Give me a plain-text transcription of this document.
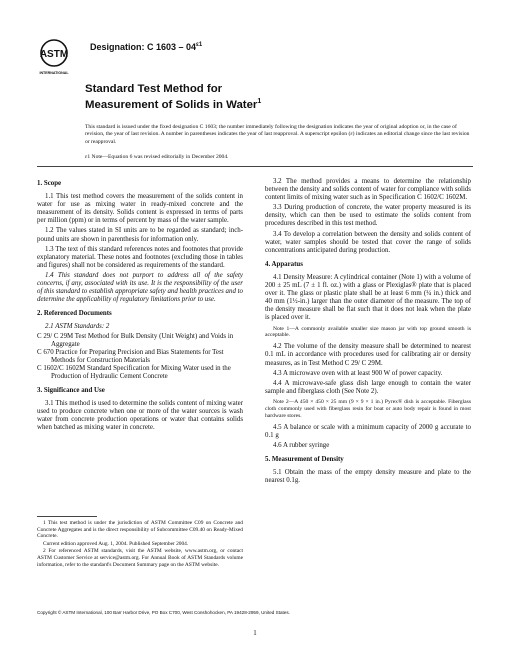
ASTM
INTERNATIONAL
Designation: C $1603 - 04^{\varepsilon 1}$
Standard Test Method for
Measurement of Solids in Water$^1$
This standard is issued under the fixed designation C 1603; the number immediately following the designation indicates the year of original adoption or, in the case of revision, the year of last revision. A number in parentheses indicates the year of last reapproval. A superscript epsilon (ε) indicates an editorial change since the last revision or reapproval.
ε1 Note—Equation 6 was revised editorially in December 2004.
1. Scope

1.1 This test method covers the measurement of the solids content in water for use as mixing water in ready-mixed concrete and the measurement of its density. Solids content is expressed in terms of parts per million (ppm) or in terms of percent by mass of the water sample.

1.2 The values stated in SI units are to be regarded as standard; inch-pound units are shown in parenthesis for information only.

1.3 The text of this standard references notes and footnotes that provide explanatory material. These notes and footnotes (excluding those in tables and figures) shall not be considered as requirements of the standard.

1.4 This standard does not purport to address all of the safety concerns, if any, associated with its use. It is the responsibility of the user of this standard to establish appropriate safety and health practices and to determine the applicability of regulatory limitations prior to use.

2. Referenced Documents

2.1 ASTM Standards: 2

C 29/ C 29M Test Method for Bulk Density (Unit Weight) and Voids in Aggregate

C 670 Practice for Preparing Precision and Bias Statements for Test Methods for Construction Materials

C 1602/C 1602M Standard Specification for Mixing Water used in the Production of Hydraulic Cement Concrete

3. Significance and Use

3.1 This method is used to determine the solids content of mixing water used to produce concrete when one or more of the water sources is wash water from concrete production operations or water that contains solids when batched as mixing water in concrete.

1 This test method is under the jurisdiction of ASTM Committee C09 on Concrete and Concrete Aggregates and is the direct responsibility of Subcommittee C09.40 on Ready-Mixed Concrete.

Current edition approved Aug. 1, 2004. Published September 2004.

2 For referenced ASTM standards, visit the ASTM website, www.astm.org, or contact ASTM Customer Service at service@astm.org. For Annual Book of ASTM Standards volume information, refer to the standard's Document Summary page on the ASTM website.

3.2 The method provides a means to determine the relationship between the density and solids content of water for compliance with solids content limits of mixing water such as in Specification C 1602/C 1602M.

3.3 During production of concrete, the water property measured is its density, which can then be used to estimate the solids content from procedures described in this test method.

3.4 To develop a correlation between the density and solids content of water, water samples should be tested that cover the range of solids concentrations anticipated during production.

4. Apparatus

4.1 Density Measure: A cylindrical container (Note 1) with a volume of 200 ± 25 mL (7 ± 1 fl. oz.) with a glass or Plexiglas® plate that is placed over it. The glass or plastic plate shall be at least 6 mm (¼ in.) thick and 40 mm (1½-in.) larger than the outer diameter of the measure. The top of the density measure shall be flat such that it does not leak when the plate is placed over it.

Note 1—A commonly available smaller size mason jar with top ground smooth is acceptable.

4.2 The volume of the density measure shall be determined to nearest 0.1 mL in accordance with procedures used for calibrating air or density measures, as in Test Method C 29/ C 29M.

4.3 A microwave oven with at least 900 W of power capacity.

4.4 A microwave-safe glass dish large enough to contain the water sample and fiberglass cloth (See Note 2).

Note 2—A 450 × 450 × 25 mm (9 × 9 × 1 in.) Pyrex® dish is acceptable. Fiberglass cloth commonly used with fiberglass resin for boat or auto body repair is found in most hardware stores.

4.5 A balance or scale with a minimum capacity of 2000 g accurate to 0.1 g

4.6 A rubber syringe

5. Measurement of Density

5.1 Obtain the mass of the empty density measure and plate to the nearest 0.1g.

Copyright © ASTM International, 100 Barr Harbor Drive, PO Box C700, West Conshohocken, PA 19428-2959, United States.
1
